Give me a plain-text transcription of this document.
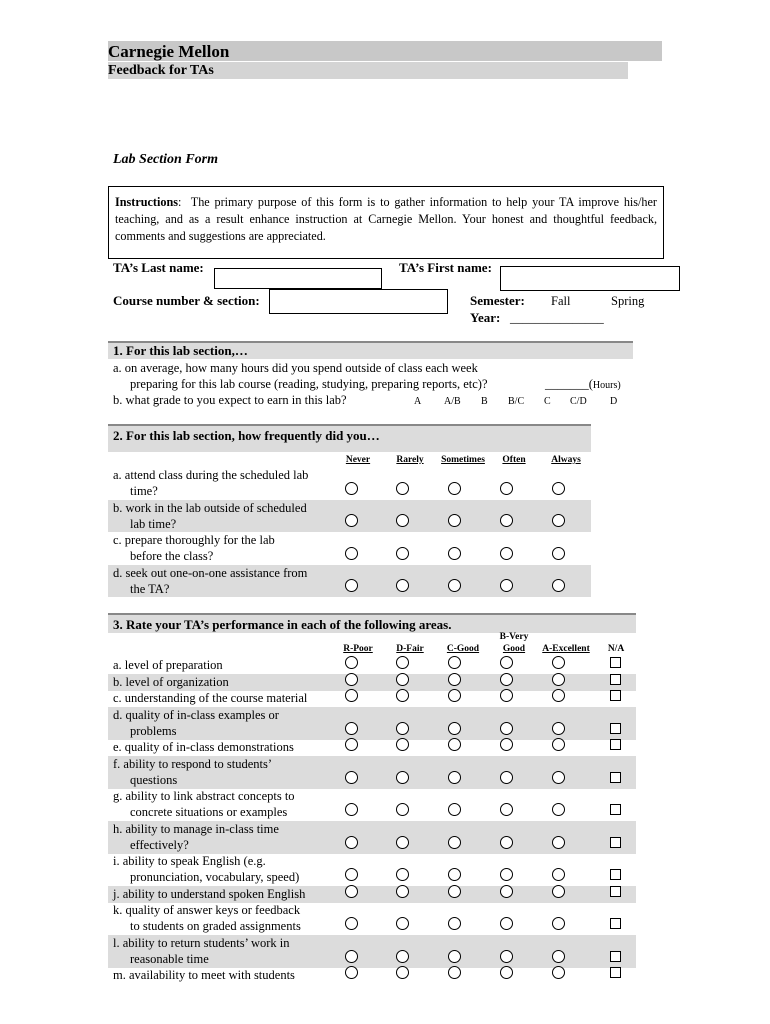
Carnegie Mellon
Feedback for TAs
Lab Section Form
Instructions:  The primary purpose of this form is to gather information to help your TA improve his/her teaching, and as a result enhance instruction at Carnegie Mellon. Your honest and thoughtful feedback, comments and suggestions are appreciated.
TA’s Last name:	TA’s First name:
Course number & section:	Semester: Fall	Spring
Year: _______________
1. For this lab section,…
a. on average, how many hours did you spend outside of class each week
preparing for this lab course (reading, studying, preparing reports, etc)?	_______(Hours)
b. what grade to you expect to earn in this lab?	A A/B B B/C C C/D D
2. For this lab section, how frequently did you…
Never	Rarely	Sometimes	Often	Always
a. attend class during the scheduled lab
time?
b. work in the lab outside of scheduled
lab time?
c. prepare thoroughly for the lab
before the class?
d. seek out one-on-one assistance from
the TA?
3. Rate your TA’s performance in each of the following areas.
B-Very
R-Poor	D-Fair	C-Good	Good	A-Excellent	N/A
a. level of preparation
b. level of organization
c. understanding of the course material
d. quality of in-class examples or
problems
e. quality of in-class demonstrations
f. ability to respond to students’
questions
g. ability to link abstract concepts to
concrete situations or examples
h. ability to manage in-class time
effectively?
i. ability to speak English (e.g.
pronunciation, vocabulary, speed)
j. ability to understand spoken English
k. quality of answer keys or feedback
to students on graded assignments
l. ability to return students’ work in
reasonable time
m. availability to meet with students
